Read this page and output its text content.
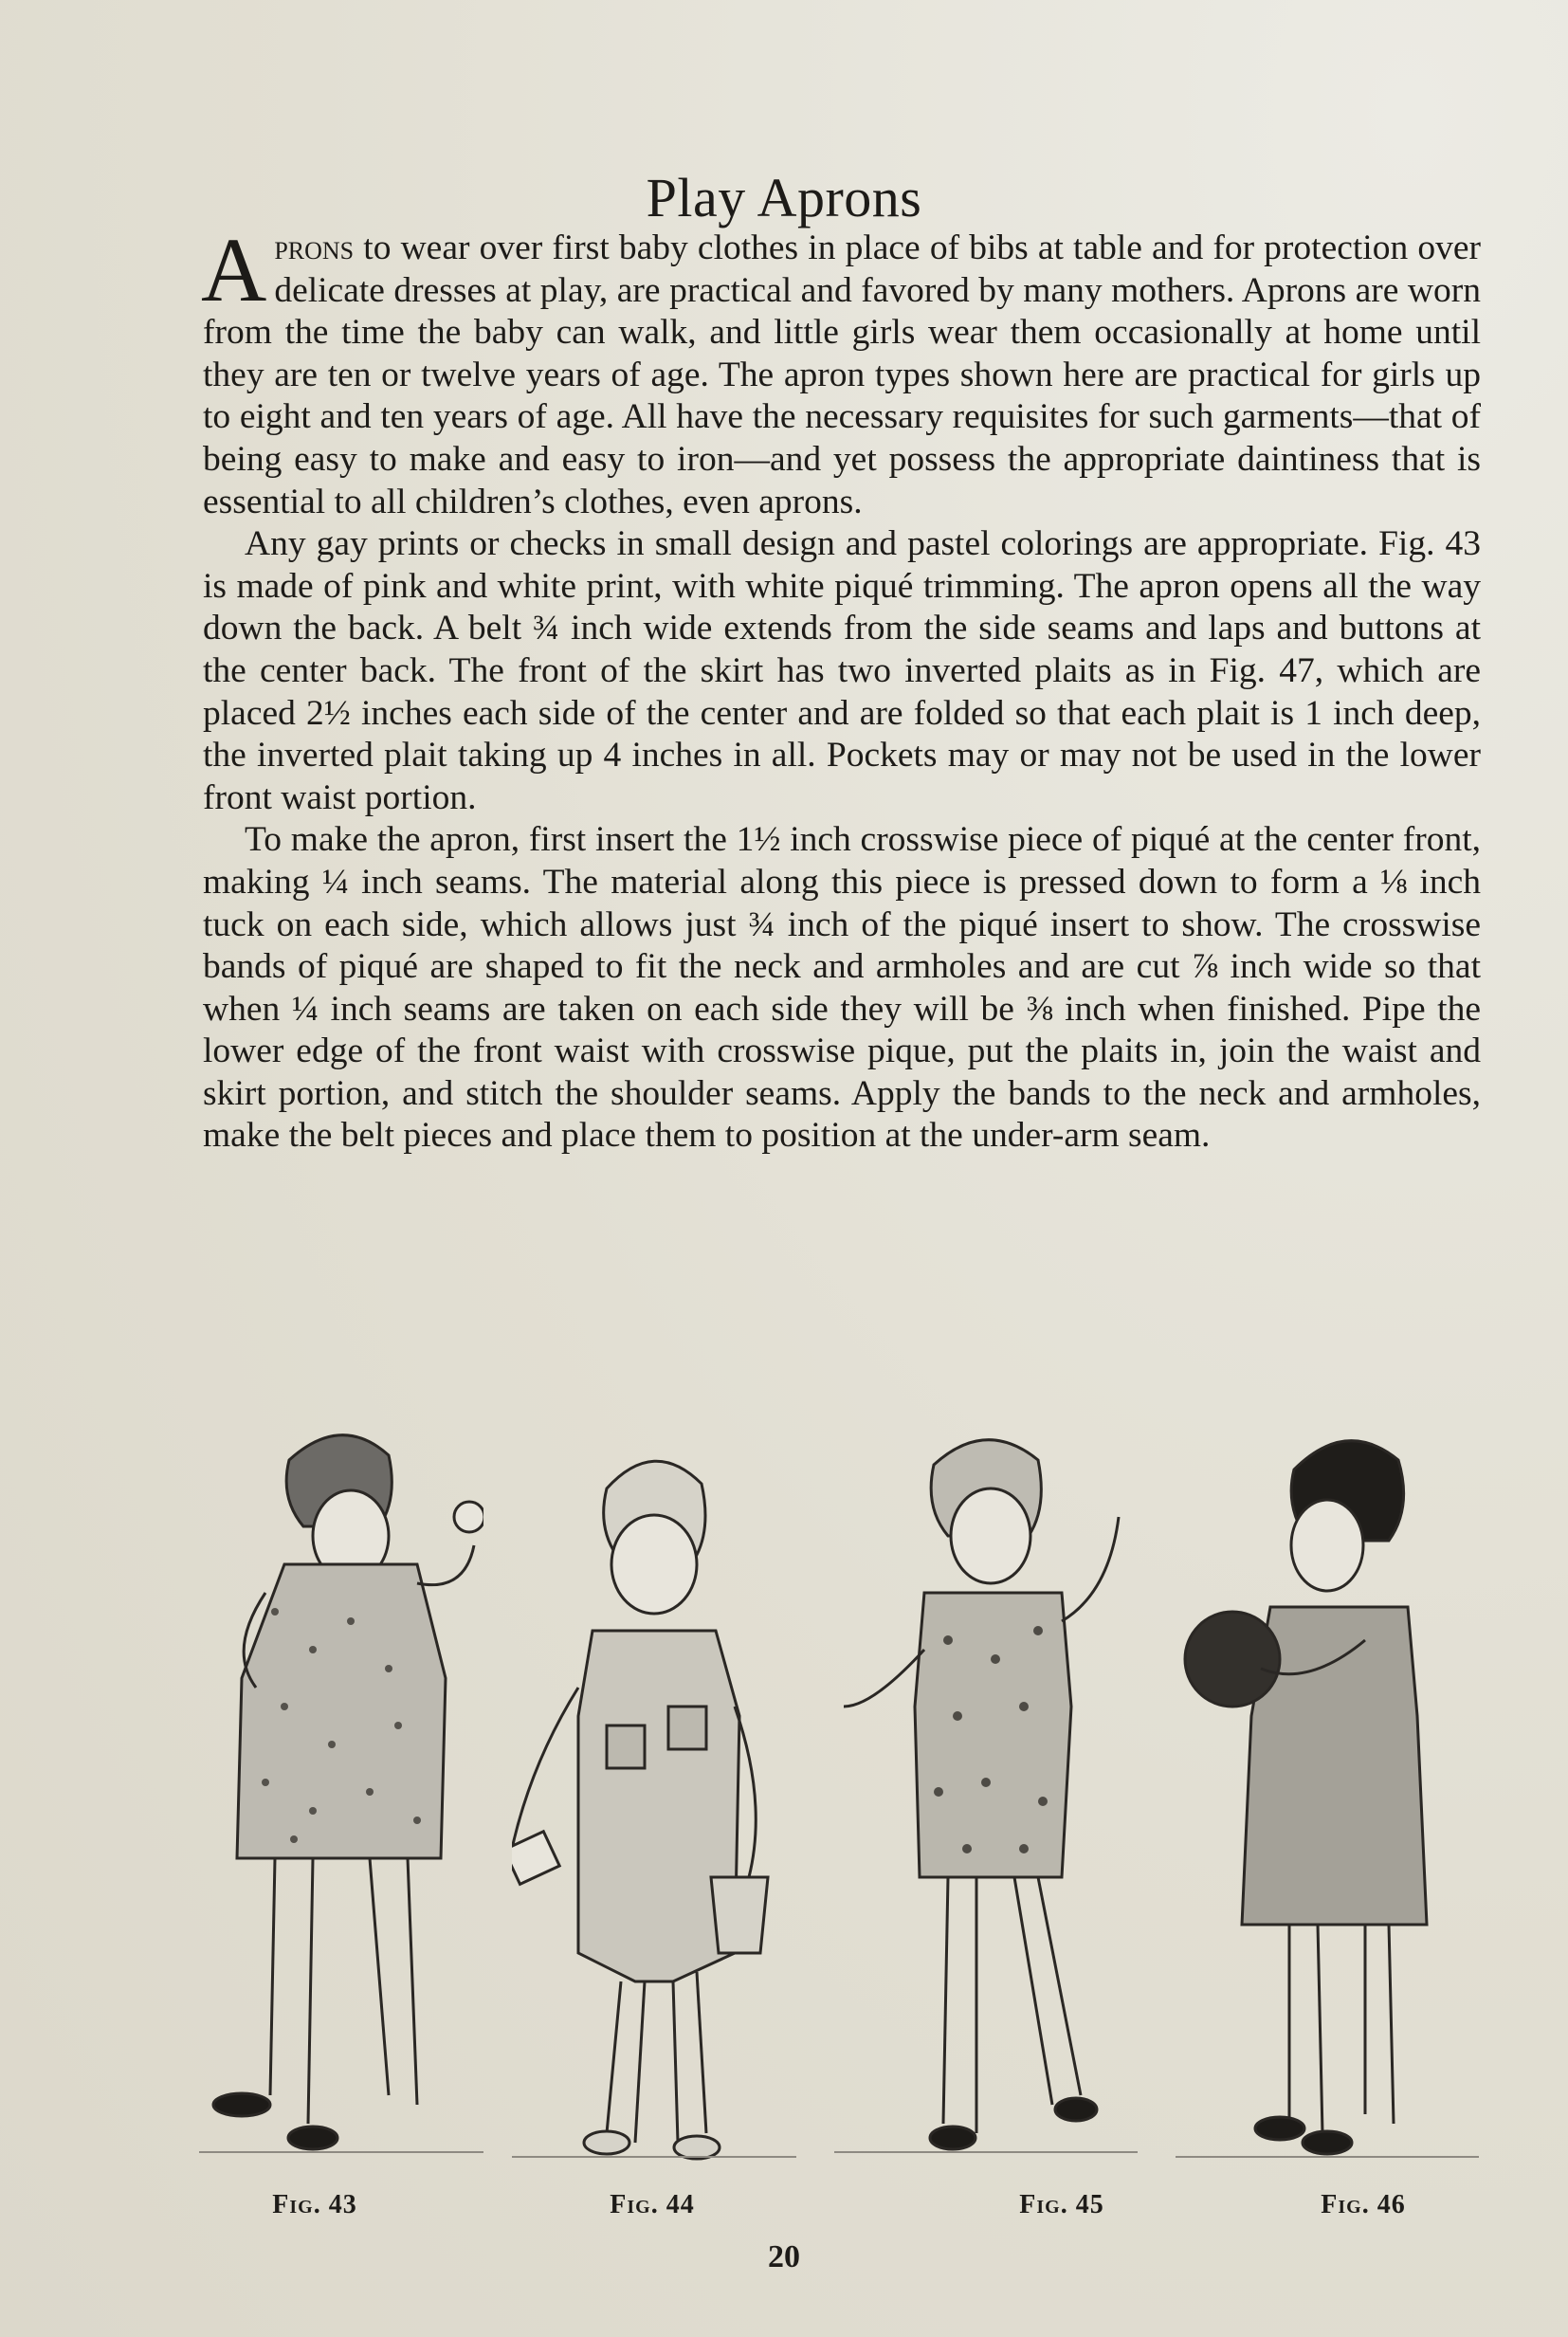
Play Aprons

Aprons to wear over first baby clothes in place of bibs at table and for protection over delicate dresses at play, are practical and favored by many mothers. Aprons are worn from the time the baby can walk, and little girls wear them occasionally at home until they are ten or twelve years of age. The apron types shown here are practical for girls up to eight and ten years of age. All have the necessary requisites for such garments—that of being easy to make and easy to iron—and yet possess the appropriate daintiness that is essential to all children’s clothes, even aprons.

Any gay prints or checks in small design and pastel colorings are appropriate. Fig. 43 is made of pink and white print, with white piqué trimming. The apron opens all the way down the back. A belt ¾ inch wide extends from the side seams and laps and buttons at the center back. The front of the skirt has two inverted plaits as in Fig. 47, which are placed 2½ inches each side of the center and are folded so that each plait is 1 inch deep, the inverted plait taking up 4 inches in all. Pockets may or may not be used in the lower front waist portion.

To make the apron, first insert the 1½ inch crosswise piece of piqué at the center front, making ¼ inch seams. The material along this piece is pressed down to form a ⅛ inch tuck on each side, which allows just ¾ inch of the piqué insert to show. The crosswise bands of piqué are shaped to fit the neck and armholes and are cut ⅞ inch wide so that when ¼ inch seams are taken on each side they will be ⅜ inch when finished. Pipe the lower edge of the front waist with crosswise pique, put the plaits in, join the waist and skirt portion, and stitch the shoulder seams. Apply the bands to the neck and armholes, make the belt pieces and place them to position at the under-arm seam.

Fig. 43	Fig. 44	Fig. 45	Fig. 46
20
